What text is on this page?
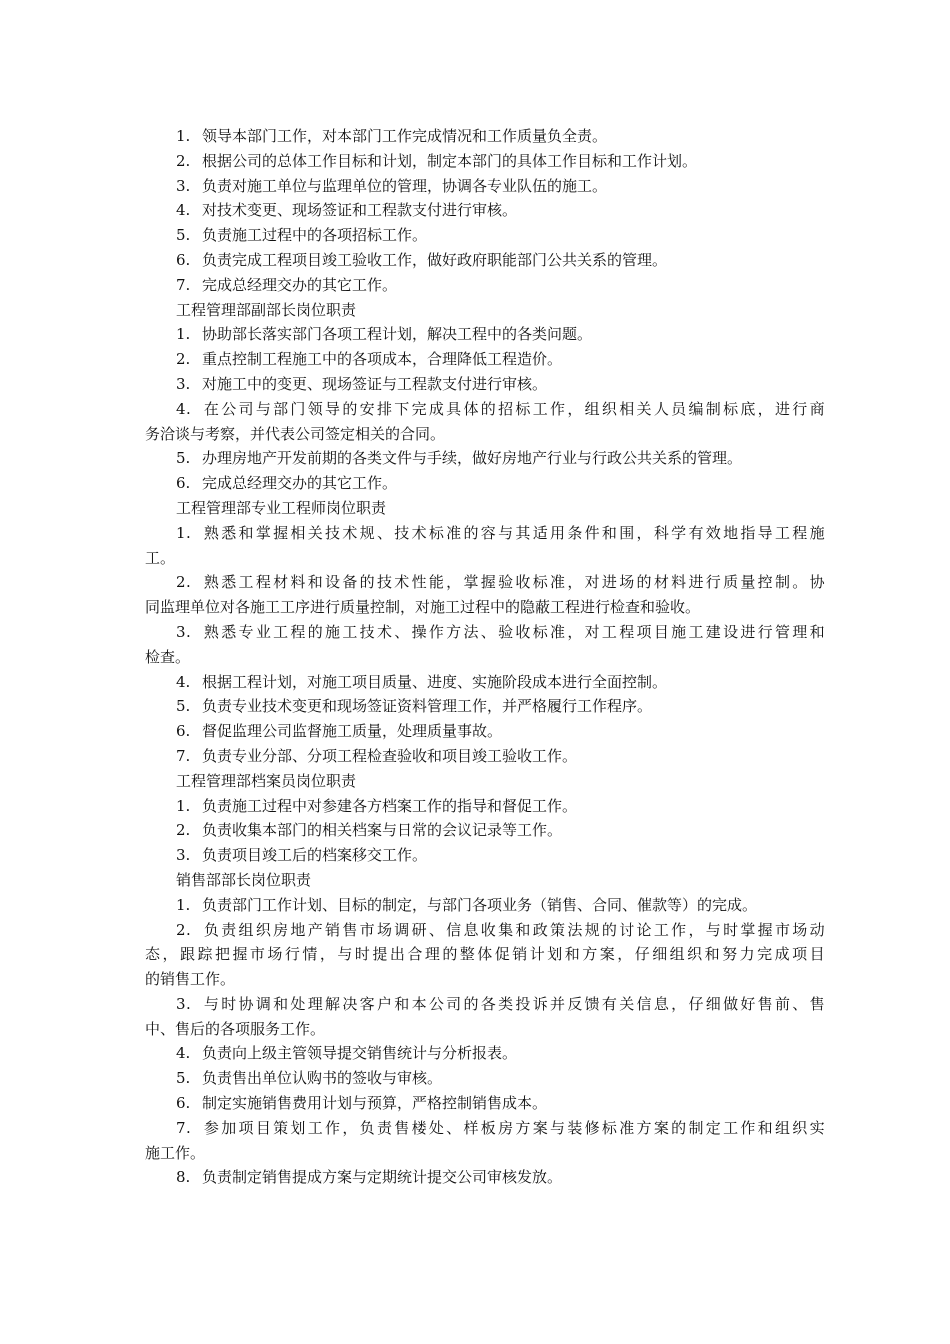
1. 领导本部门工作，对本部门工作完成情况和工作质量负全责。
2. 根据公司的总体工作目标和计划，制定本部门的具体工作目标和工作计划。
3. 负责对施工单位与监理单位的管理，协调各专业队伍的施工。
4. 对技术变更、现场签证和工程款支付进行审核。
5. 负责施工过程中的各项招标工作。
6. 负责完成工程项目竣工验收工作，做好政府职能部门公共关系的管理。
7. 完成总经理交办的其它工作。
工程管理部副部长岗位职责
1. 协助部长落实部门各项工程计划，解决工程中的各类问题。
2. 重点控制工程施工中的各项成本，合理降低工程造价。
3. 对施工中的变更、现场签证与工程款支付进行审核。
4. 在公司与部门领导的安排下完成具体的招标工作，组织相关人员编制标底，进行商
务洽谈与考察，并代表公司签定相关的合同。
5. 办理房地产开发前期的各类文件与手续，做好房地产行业与行政公共关系的管理。
6. 完成总经理交办的其它工作。
工程管理部专业工程师岗位职责
1. 熟悉和掌握相关技术规、技术标准的容与其适用条件和围，科学有效地指导工程施
工。
2. 熟悉工程材料和设备的技术性能，掌握验收标准，对进场的材料进行质量控制。协
同监理单位对各施工工序进行质量控制，对施工过程中的隐蔽工程进行检查和验收。
3. 熟悉专业工程的施工技术、操作方法、验收标准，对工程项目施工建设进行管理和
检查。
4. 根据工程计划，对施工项目质量、进度、实施阶段成本进行全面控制。
5. 负责专业技术变更和现场签证资料管理工作，并严格履行工作程序。
6. 督促监理公司监督施工质量，处理质量事故。
7. 负责专业分部、分项工程检查验收和项目竣工验收工作。
工程管理部档案员岗位职责
1. 负责施工过程中对参建各方档案工作的指导和督促工作。
2. 负责收集本部门的相关档案与日常的会议记录等工作。
3. 负责项目竣工后的档案移交工作。
销售部部长岗位职责
1. 负责部门工作计划、目标的制定，与部门各项业务（销售、合同、催款等）的完成。
2. 负责组织房地产销售市场调研、信息收集和政策法规的讨论工作，与时掌握市场动
态，跟踪把握市场行情，与时提出合理的整体促销计划和方案，仔细组织和努力完成项目
的销售工作。
3. 与时协调和处理解决客户和本公司的各类投诉并反馈有关信息，仔细做好售前、售
中、售后的各项服务工作。
4. 负责向上级主管领导提交销售统计与分析报表。
5. 负责售出单位认购书的签收与审核。
6. 制定实施销售费用计划与预算，严格控制销售成本。
7. 参加项目策划工作，负责售楼处、样板房方案与装修标准方案的制定工作和组织实
施工作。
8. 负责制定销售提成方案与定期统计提交公司审核发放。
